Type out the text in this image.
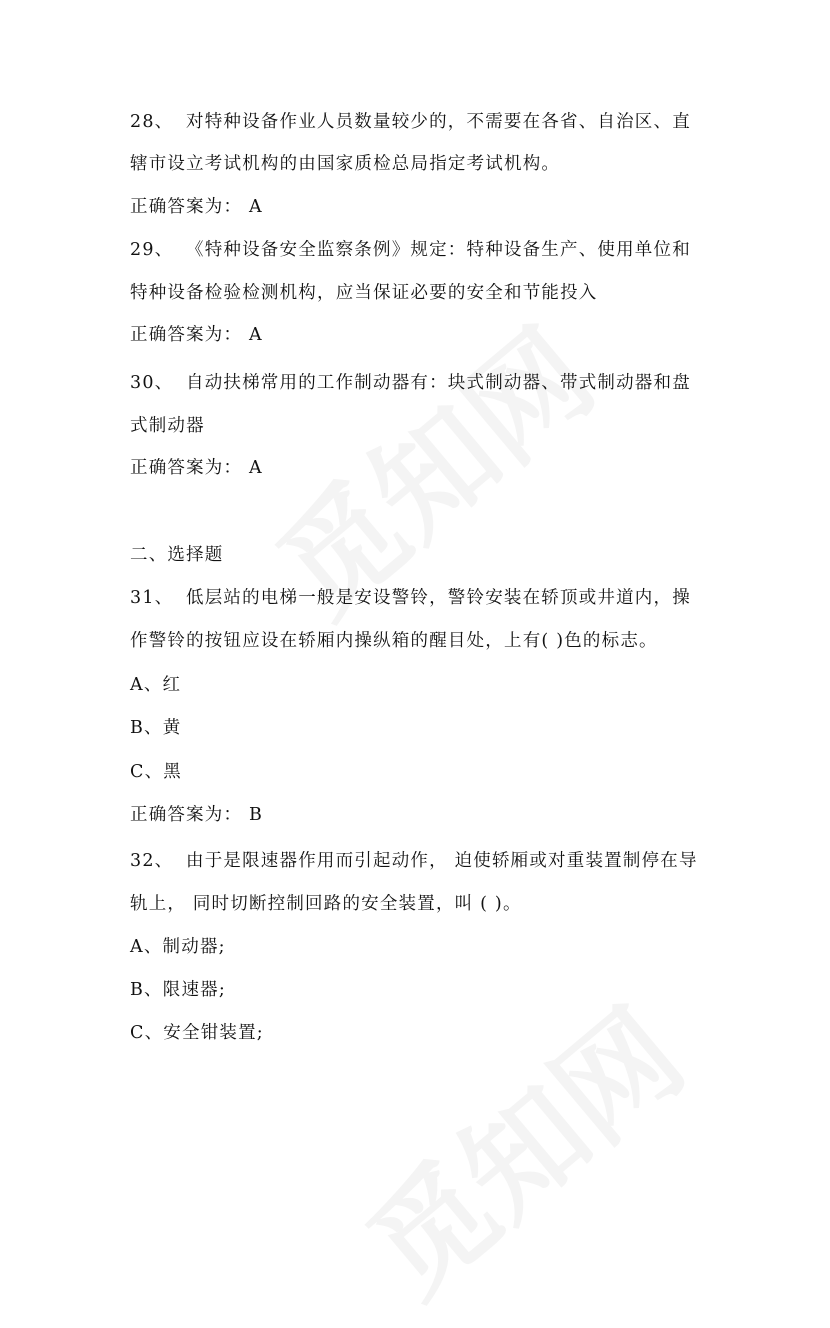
28、 对特种设备作业人员数量较少的，不需要在各省、自治区、直
辖市设立考试机构的由国家质检总局指定考试机构。
正确答案为： A
29、 《特种设备安全监察条例》规定：特种设备生产、使用单位和
特种设备检验检测机构，应当保证必要的安全和节能投入
正确答案为： A
30、 自动扶梯常用的工作制动器有：块式制动器、带式制动器和盘
式制动器
正确答案为： A
二、选择题
31、 低层站的电梯一般是安设警铃，警铃安装在轿顶或井道内，操
作警铃的按钮应设在轿厢内操纵箱的醒目处，上有( )色的标志。
A、红
B、黄
C、黑
正确答案为： B
32、 由于是限速器作用而引起动作， 迫使轿厢或对重装置制停在导
轨上， 同时切断控制回路的安全装置，叫 ( )。
A、制动器;
B、限速器;
C、安全钳装置;
